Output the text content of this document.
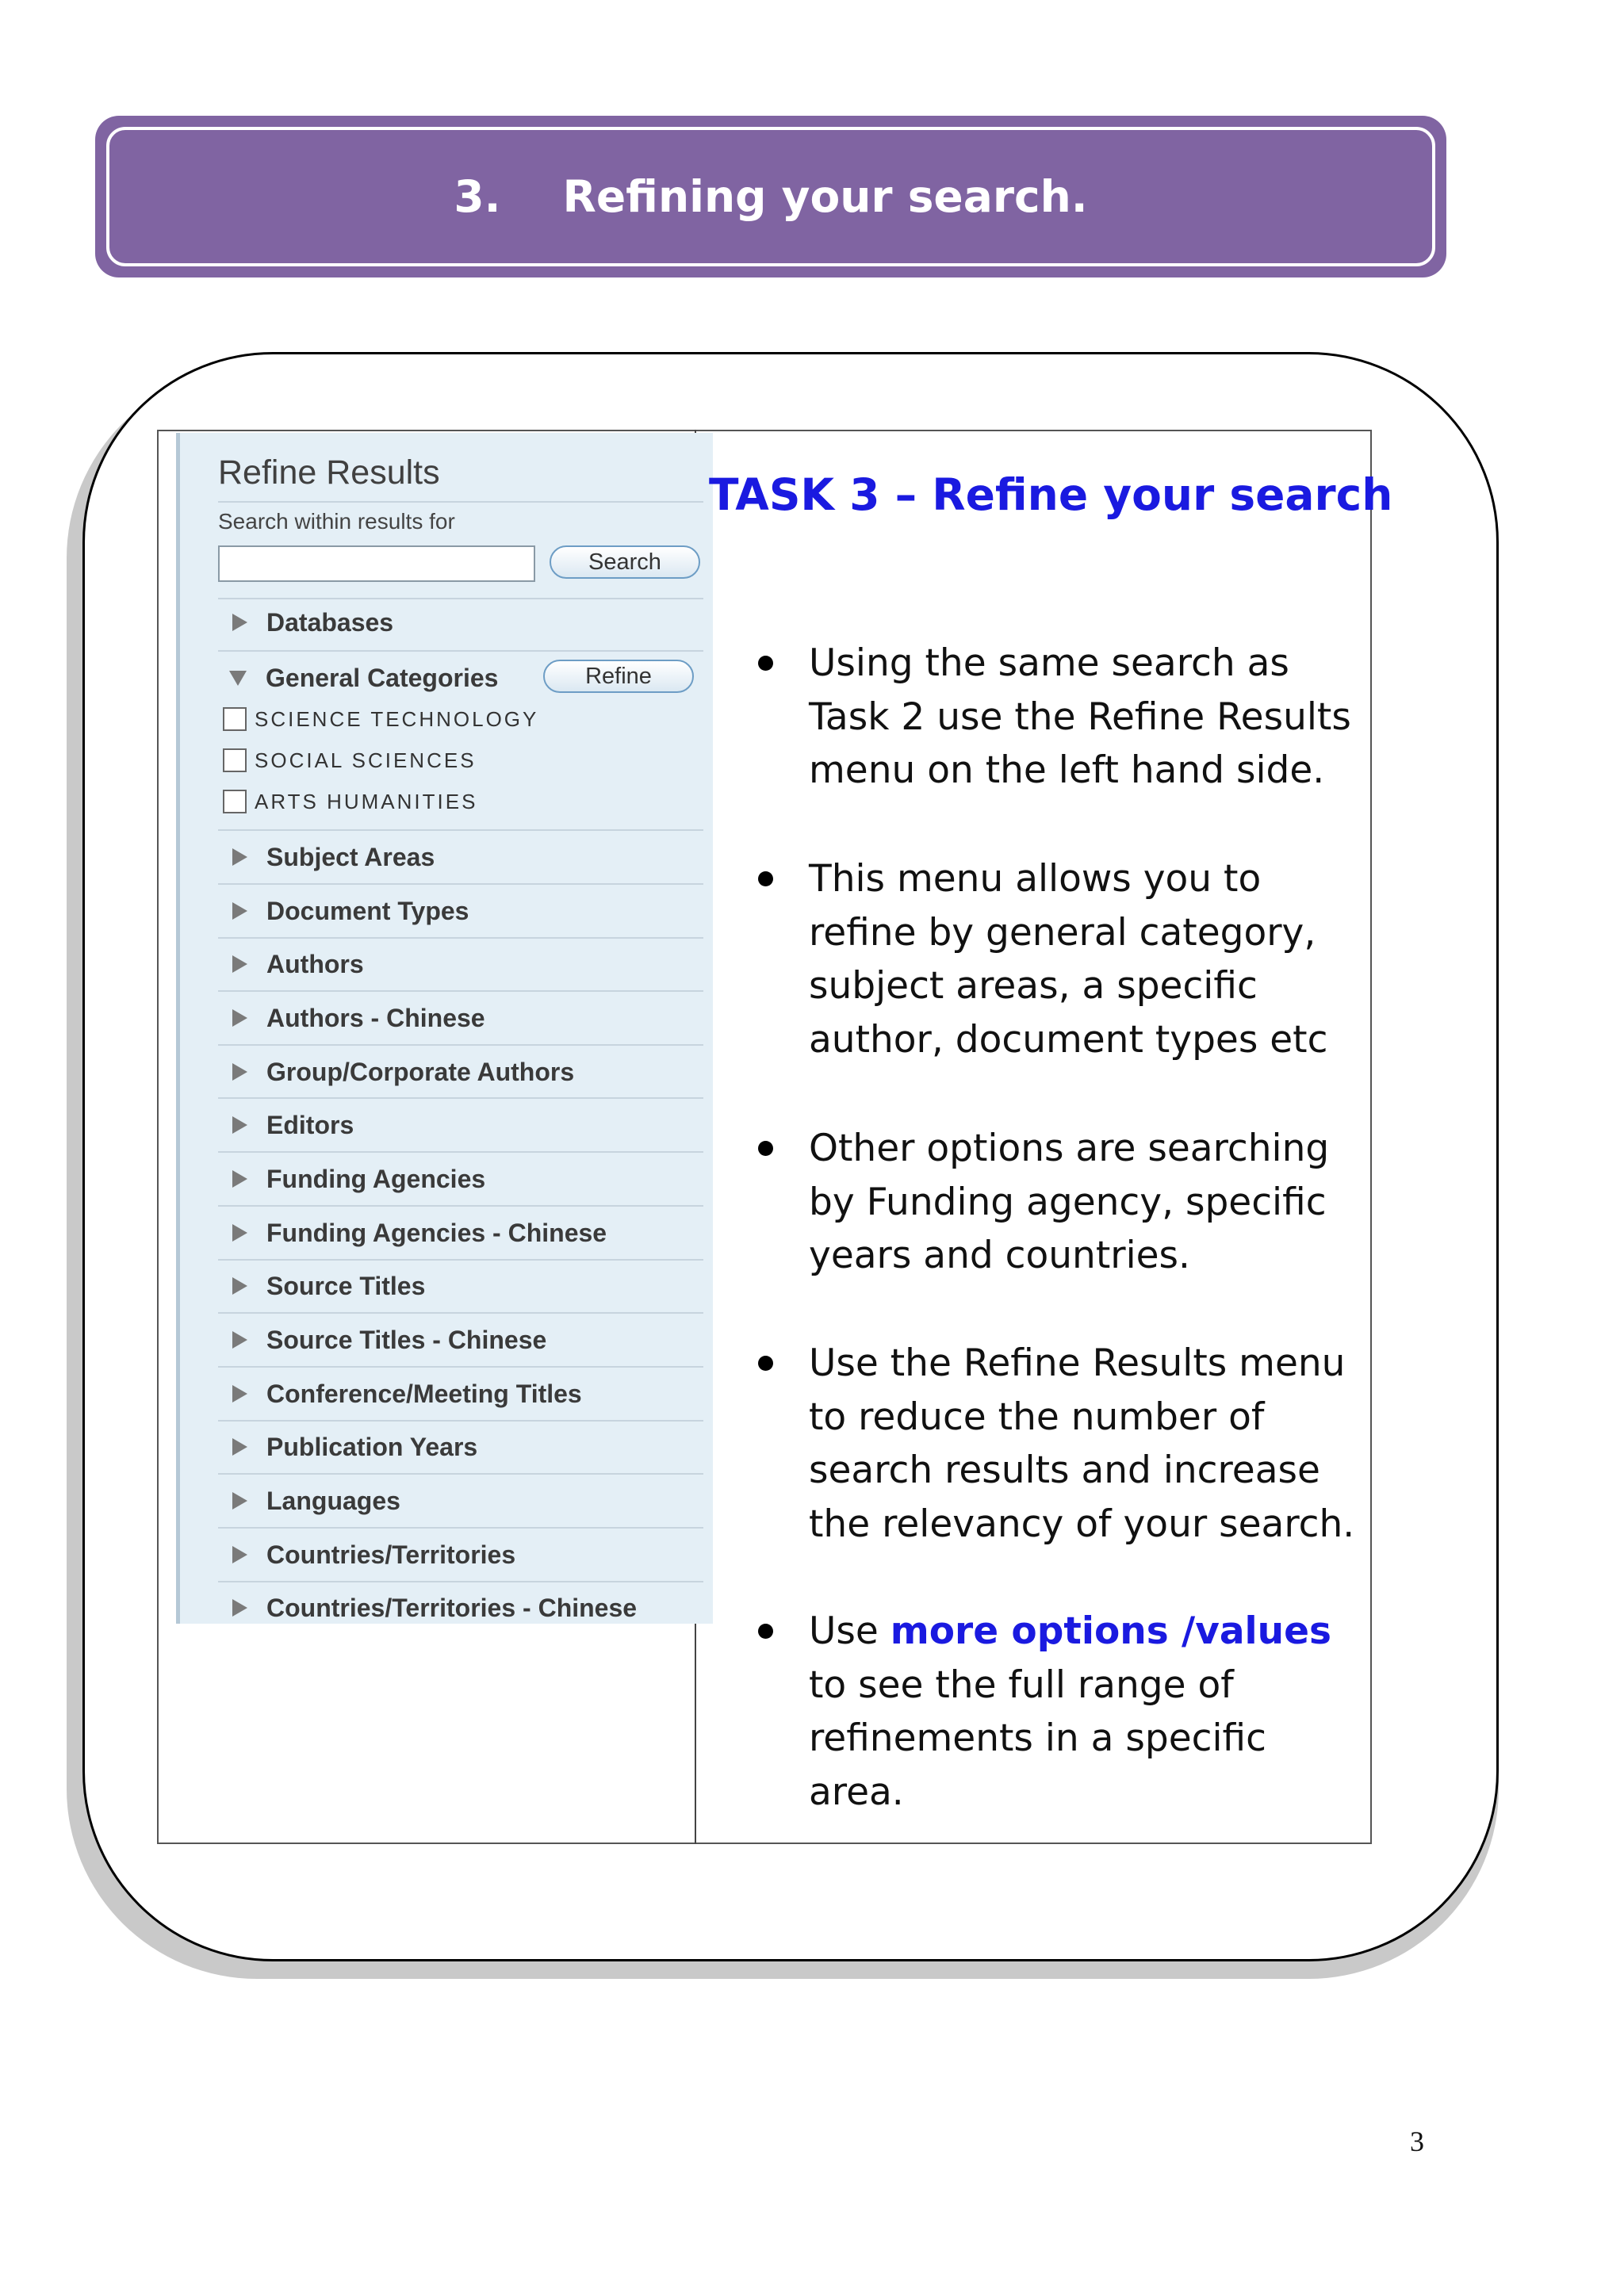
3. Refining your search.
Refine Results
Search within results for
Search
Databases
General Categories	Refine
SCIENCE TECHNOLOGY
SOCIAL SCIENCES
ARTS HUMANITIES
Subject Areas
Document Types
Authors
Authors - Chinese
Group/Corporate Authors
Editors
Funding Agencies
Funding Agencies - Chinese
Source Titles
Source Titles - Chinese
Conference/Meeting Titles
Publication Years
Languages
Countries/Territories
Countries/Territories - Chinese
TASK 3 – Refine your search
Using the same search as Task 2 use the Refine Results menu on the left hand side.
This menu allows you to refine by general category, subject areas, a specific author, document types etc
Other options are searching by Funding agency, specific years and countries.
Use the Refine Results menu to reduce the number of search results and increase the relevancy of your search.
Use more options /values to see the full range of refinements in a specific area.
3
